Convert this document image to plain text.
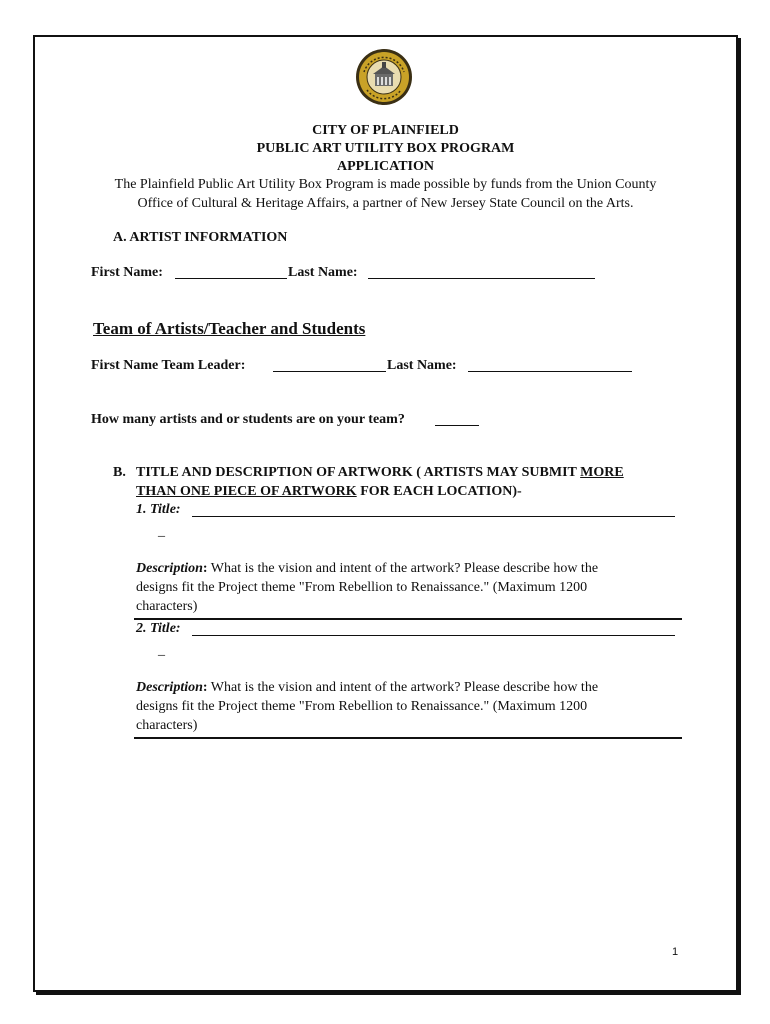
CITY OF PLAINFIELD
PUBLIC ART UTILITY BOX PROGRAM
APPLICATION
The Plainfield Public Art Utility Box Program is made possible by funds from the Union County
Office of Cultural & Heritage Affairs, a partner of New Jersey State Council on the Arts.
A. ARTIST INFORMATION
First Name:	Last Name:
Team of Artists/Teacher and Students
First Name Team Leader:	Last Name:
How many artists and or students are on your team?
B. TITLE AND DESCRIPTION OF ARTWORK ( ARTISTS MAY SUBMIT MORE
THAN ONE PIECE OF ARTWORK FOR EACH LOCATION)-
1. Title:
_
Description: What is the vision and intent of the artwork? Please describe how the
designs fit the Project theme "From Rebellion to Renaissance." (Maximum 1200
characters)
2. Title:
_
Description: What is the vision and intent of the artwork? Please describe how the
designs fit the Project theme "From Rebellion to Renaissance." (Maximum 1200
characters)
1
